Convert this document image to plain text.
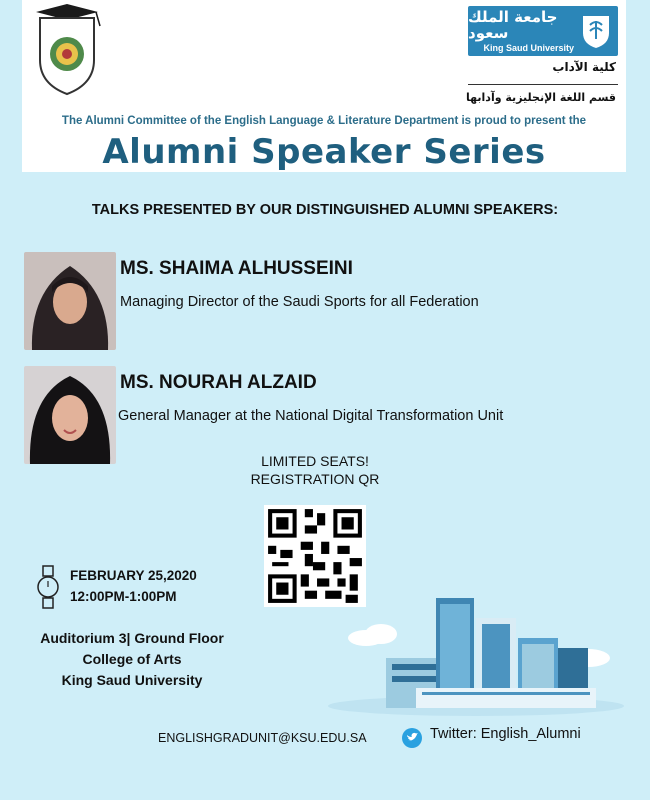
جامعة الملك سعود
King Saud University
كلية الآداب
قسم اللغة الإنجليزية وآدابها
The Alumni Committee of the English Language & Literature Department is proud to present the
Alumni Speaker Series
TALKS PRESENTED BY OUR DISTINGUISHED ALUMNI SPEAKERS:
MS. SHAIMA ALHUSSEINI
Managing Director of the Saudi Sports for all Federation
MS. NOURAH ALZAID
General Manager at the National Digital Transformation Unit
LIMITED SEATS!
REGISTRATION QR
FEBRUARY 25,2020
12:00PM-1:00PM
Auditorium 3| Ground Floor
College of Arts
King Saud University
ENGLISHGRADUNIT@KSU.EDU.SA	Twitter: English_Alumni
